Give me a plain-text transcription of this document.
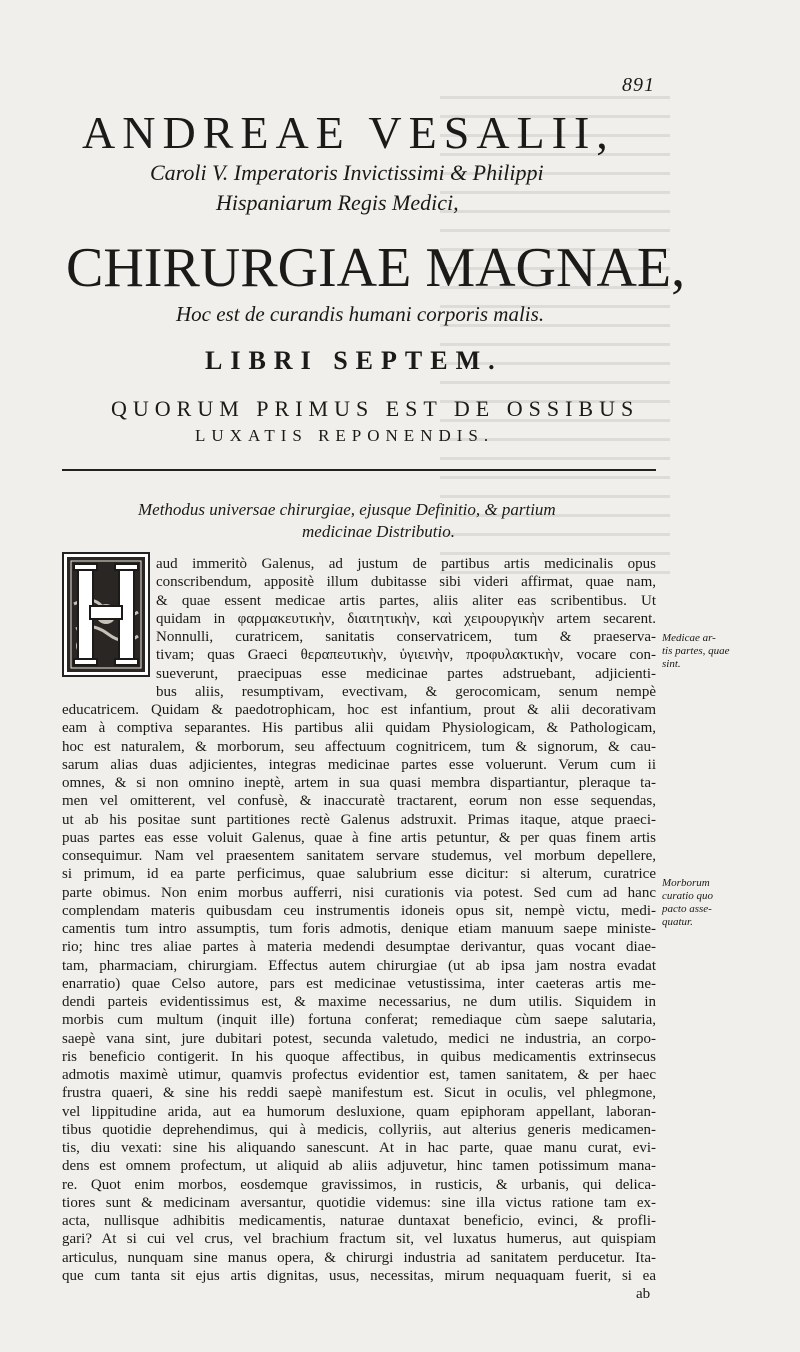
891
ANDREAE VESALII,
Caroli V. Imperatoris Invictissimi & Philippi
Hispaniarum Regis Medici,
CHIRURGIAE MAGNAE,
Hoc est de curandis humani corporis malis.
LIBRI SEPTEM.
QUORUM PRIMUS EST DE OSSIBUS
LUXATIS REPONENDIS.
Methodus universae chirurgiae, ejusque Definitio, & partium
medicinae Distributio.
aud immeritò Galenus, ad justum de partibus artis medicinalis opus
conscribendum, appositè illum dubitasse sibi videri affirmat, quae nam,
& quae essent medicae artis partes, aliis aliter eas scribentibus. Ut
quidam in φαρμακευτικὴν, διαιτητικὴν, καὶ χειρουργικὴν artem secarent.
Nonnulli, curatricem, sanitatis conservatricem, tum & praeserva-
tivam; quas Graeci θεραπευτικὴν, ὑγιεινὴν, προφυλακτικὴν, vocare con-
sueverunt, praecipuas esse medicinae partes adstruebant, adjicienti-
bus aliis, resumptivam, evectivam, & gerocomicam, senum nempè
educatricem. Quidam & paedotrophicam, hoc est infantium, prout & alii decorativam
eam à comptiva separantes. His partibus alii quidam Physiologicam, & Pathologicam,
hoc est naturalem, & morborum, seu affectuum cognitricem, tum & signorum, & cau-
sarum alias duas adjicientes, integras medicinae partes esse voluerunt. Verum cum ii
omnes, & si non omnino ineptè, artem in sua quasi membra dispartiantur, pleraque ta-
men vel omitterent, vel confusè, & inaccuratè tractarent, eorum non esse sequendas,
ut ab his positae sunt partitiones rectè Galenus adstruxit. Primas itaque, atque praeci-
puas partes eas esse voluit Galenus, quae à fine artis petuntur, & per quas finem artis
consequimur. Nam vel praesentem sanitatem servare studemus, vel morbum depellere,
si primum, id ea parte perficimus, quae salubrium esse dicitur: si alterum, curatrice
parte obimus. Non enim morbus aufferri, nisi curationis via potest. Sed cum ad hanc
complendam materis quibusdam ceu instrumentis idoneis opus sit, nempè victu, medi-
camentis tum intro assumptis, tum foris admotis, denique etiam manuum saepe ministe-
rio; hinc tres aliae partes à materia medendi desumptae derivantur, quas vocant diae-
tam, pharmaciam, chirurgiam. Effectus autem chirurgiae (ut ab ipsa jam nostra evadat
enarratio) quae Celso autore, pars est medicinae vetustissima, inter caeteras artis me-
dendi parteis evidentissimus est, & maxime necessarius, ne dum utilis. Siquidem in
morbis cum multum (inquit ille) fortuna conferat; remediaque cùm saepe salutaria,
saepè vana sint, jure dubitari potest, secunda valetudo, medici ne industria, an corpo-
ris beneficio contigerit. In his quoque affectibus, in quibus medicamentis extrinsecus
admotis maximè utimur, quamvis profectus evidentior est, tamen sanitatem, & per haec
frustra quaeri, & sine his reddi saepè manifestum est. Sicut in oculis, vel phlegmone,
vel lippitudine arida, aut ea humorum desluxione, quam epiphoram appellant, laboran-
tibus quotidie deprehendimus, qui à medicis, collyriis, aut alterius generis medicamen-
tis, diu vexati: sine his aliquando sanescunt. At in hac parte, quae manu curat, evi-
dens est omnem profectum, ut aliquid ab aliis adjuvetur, hinc tamen potissimum mana-
re. Quot enim morbos, eosdemque gravissimos, in rusticis, & urbanis, qui delica-
tiores sunt & medicinam aversantur, quotidie videmus: sine illa victus ratione tam ex-
acta, nullisque adhibitis medicamentis, naturae duntaxat beneficio, evinci, & profli-
gari? At si cui vel crus, vel brachium fractum sit, vel luxatus humerus, aut quispiam
articulus, nunquam sine manus opera, & chirurgi industria ad sanitatem perducetur. Ita-
que cum tanta sit ejus artis dignitas, usus, necessitas, mirum nequaquam fuerit, si ea
ab
Medicae ar-
tis partes, quae
sint.
Morborum
curatio quo
pacto asse-
quatur.
